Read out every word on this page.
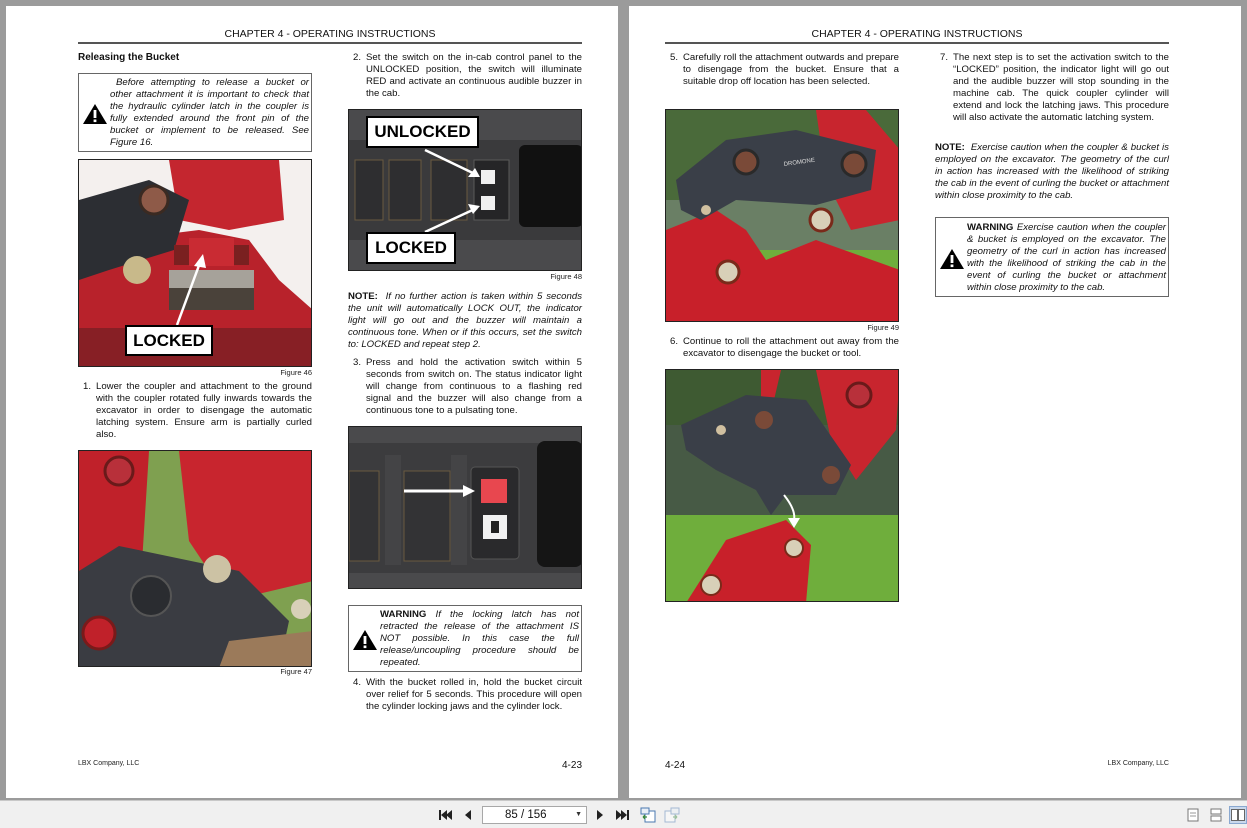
CHAPTER 4 - OPERATING INSTRUCTIONS
Releasing the Bucket
Before attempting to release a bucket or other attachment it is important to check that the hydraulic cylinder latch in the coupler is fully extended around the front pin of the bucket or implement to be released. See Figure 16.
LOCKED
Figure 46
1. Lower the coupler and attachment to the ground with the coupler rotated fully inwards towards the excavator in order to disengage the automatic latching system. Ensure arm is partially curled also.
Figure 47
2. Set the switch on the in-cab control panel to the UNLOCKED position, the switch will illuminate RED and activate an continuous audible buzzer in the cab.
UNLOCKED
LOCKED
Figure 48
NOTE: If no further action is taken within 5 seconds the unit will automatically LOCK OUT, the indicator light will go out and the buzzer will maintain a continuous tone. When or if this occurs, set the switch to: LOCKED and repeat step 2.
3. Press and hold the activation switch within 5 seconds from switch on. The status indicator light will change from continuous to a flashing red signal and the buzzer will also change from a continuous tone to a pulsating tone.
WARNING If the locking latch has not retracted the release of the attachment IS NOT possible. In this case the full release/uncoupling procedure should be repeated.
4. With the bucket rolled in, hold the bucket circuit over relief for 5 seconds. This procedure will open the cylinder locking jaws and the cylinder lock.
LBX Company, LLC	4-23
CHAPTER 4 - OPERATING INSTRUCTIONS
5. Carefully roll the attachment outwards and prepare to disengage from the bucket. Ensure that a suitable drop off location has been selected.
DROMONE
Figure 49
6. Continue to roll the attachment out away from the excavator to disengage the bucket or tool.
7. The next step is to set the activation switch to the “LOCKED” position, the indicator light will go out and the audible buzzer will stop sounding in the machine cab. The quick coupler cylinder will extend and lock the latching jaws. This procedure will also activate the automatic latching system.
NOTE: Exercise caution when the coupler & bucket is employed on the excavator. The geometry of the curl in action has increased with the likelihood of striking the cab in the event of curling the bucket or attachment within close proximity to the cab.
WARNING Exercise caution when the coupler & bucket is employed on the excavator. The geometry of the curl in action has increased with the likelihood of striking the cab in the event of curling the bucket or attachment within close proximity to the cab.
4-24	LBX Company, LLC
85 / 156	▼
